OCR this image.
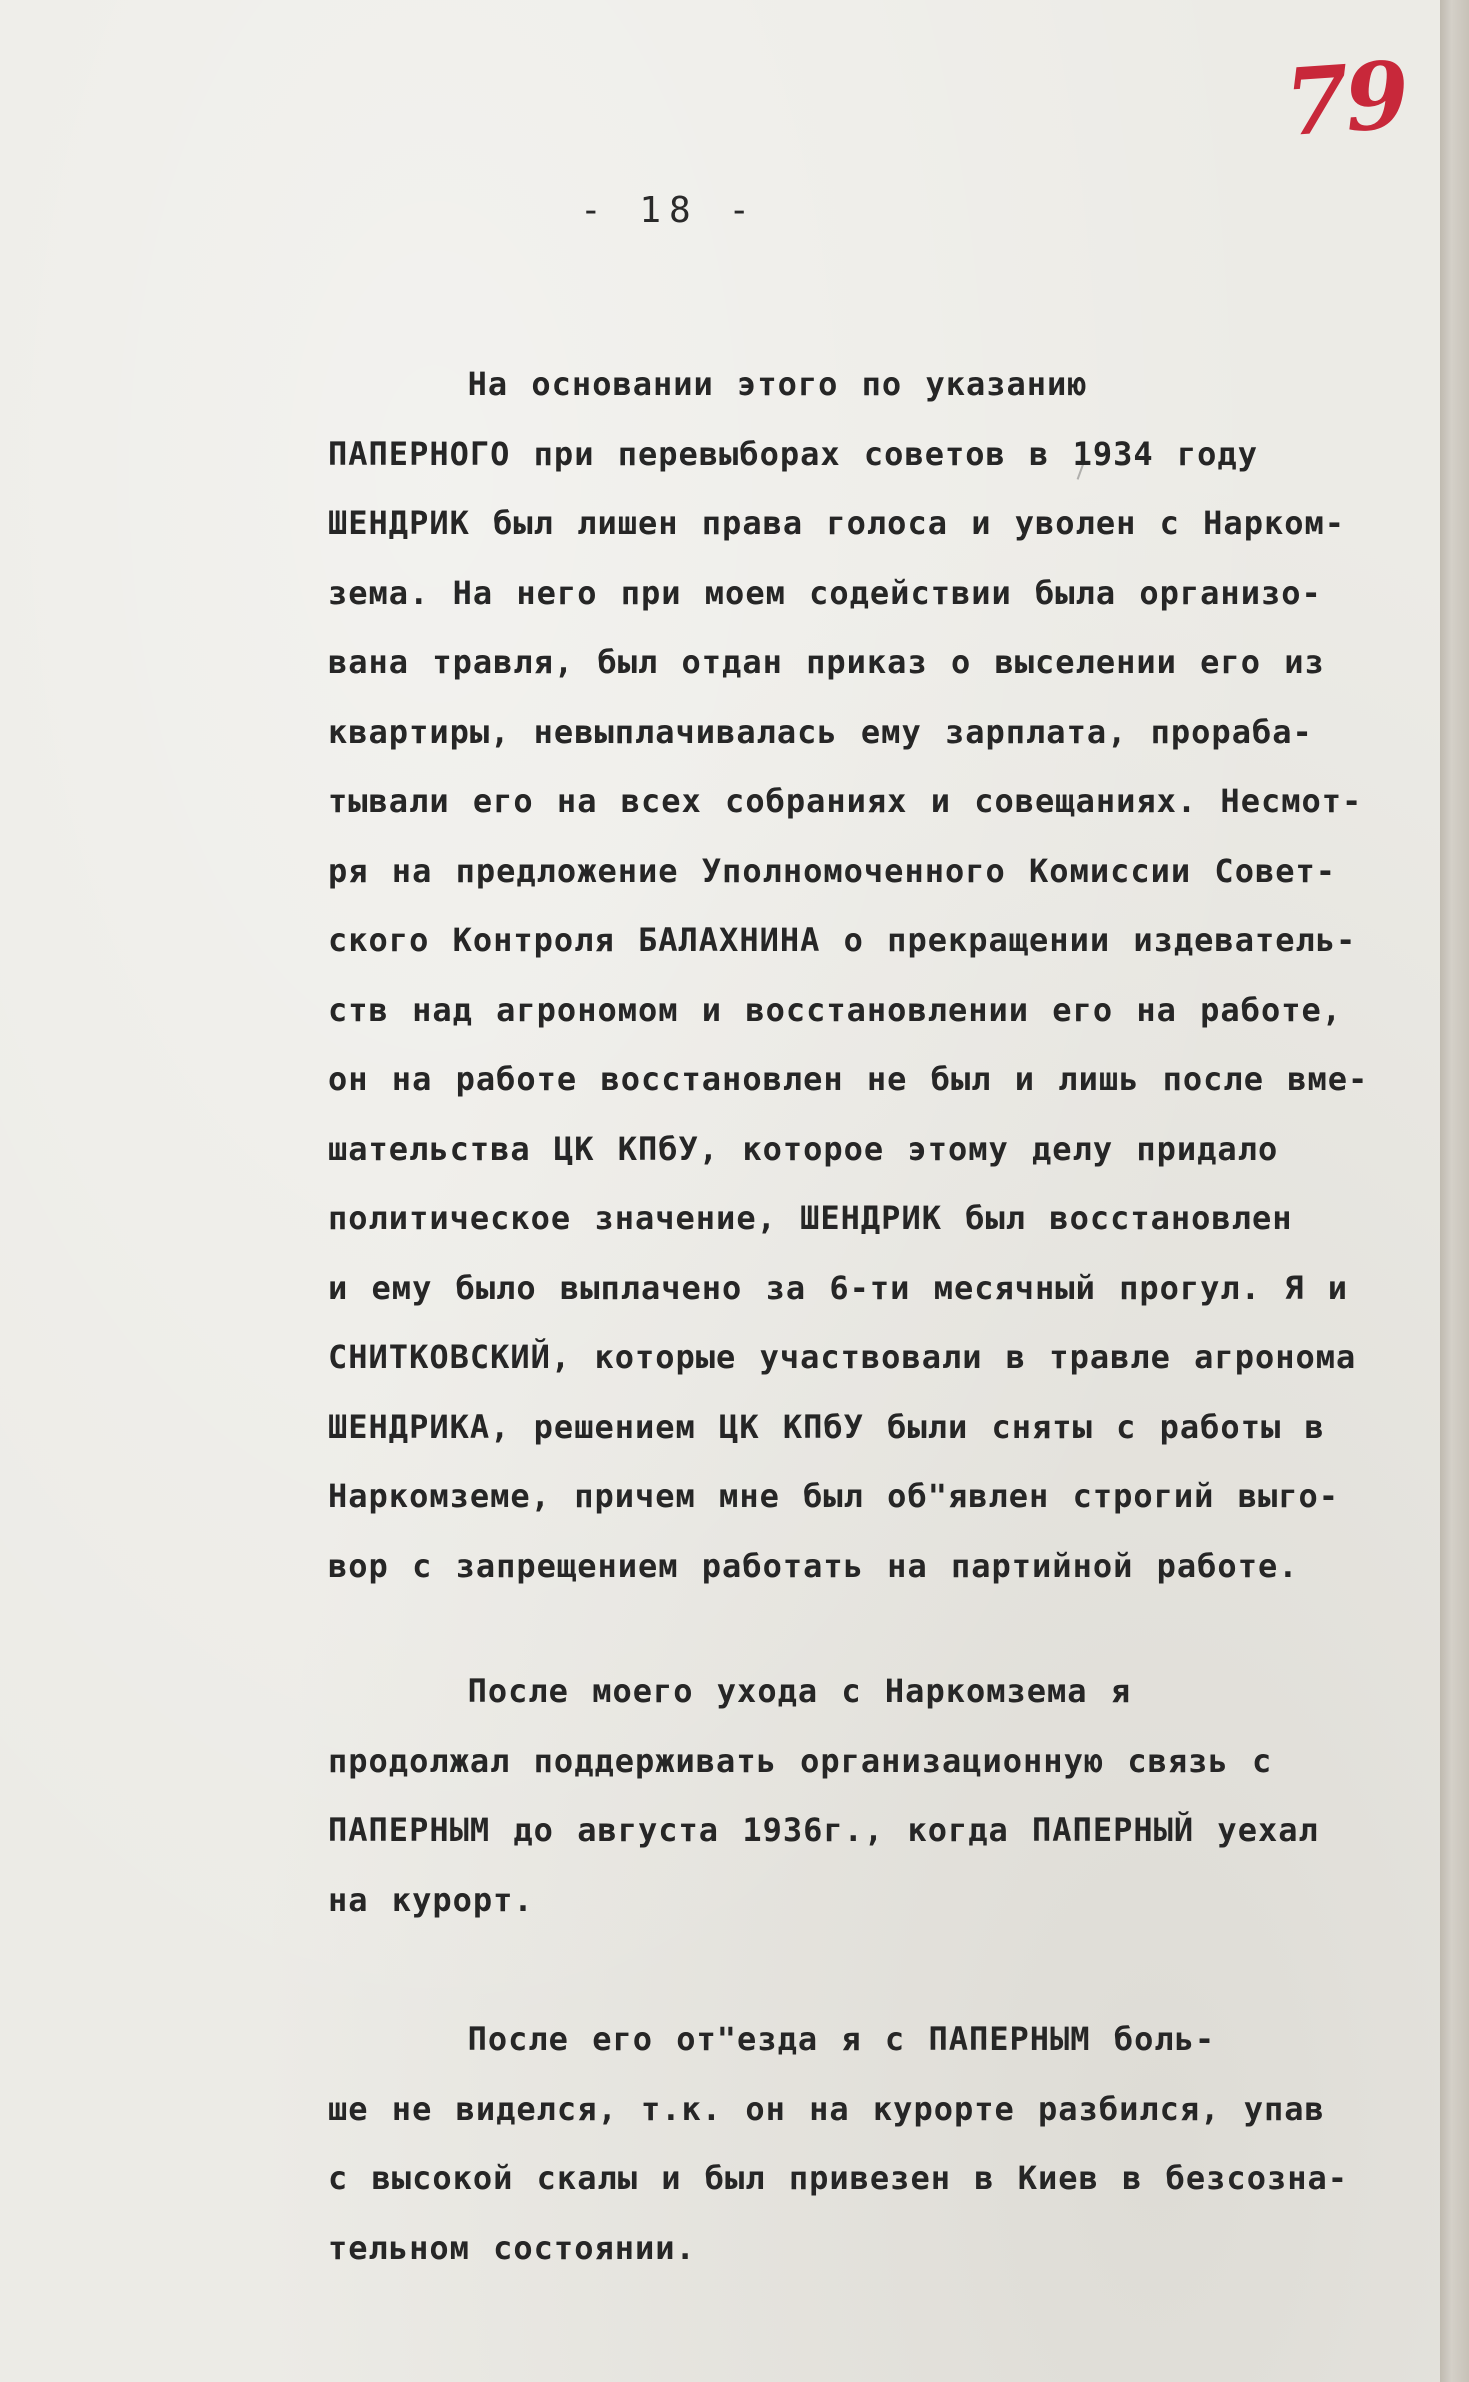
79
- 18 -
На основании этого по указанию
ПАПЕРНОГО при перевыборах советов в 1934 году
ШЕНДРИК был лишен права голоса и уволен с Нарком-
зема. На него при моем содействии была организо-
вана травля, был отдан приказ о выселении его из
квартиры, невыплачивалась ему зарплата, прораба-
тывали его на всех собраниях и совещаниях. Несмот-
ря на предложение Уполномоченного Комиссии Совет-
ского Контроля БАЛАХНИНА о прекращении издеватель-
ств над агрономом и восстановлении его на работе,
он на работе восстановлен не был и лишь после вме-
шательства ЦК КПбУ, которое этому делу придало
политическое значение, ШЕНДРИК был восстановлен
и ему было выплачено за 6-ти месячный прогул. Я и
СНИТКОВСКИЙ, которые участвовали в травле агронома
ШЕНДРИКА, решением ЦК КПбУ были сняты с работы в
Наркомземе, причем мне был об"явлен строгий выго-
вор с запрещением работать на партийной работе.
После моего ухода с Наркомзема я
продолжал поддерживать организационную связь с
ПАПЕРНЫМ до августа 1936г., когда ПАПЕРНЫЙ уехал
на курорт.
После его от"езда я с ПАПЕРНЫМ боль-
ше не виделся, т.к. он на курорте разбился, упав
с высокой скалы и был привезен в Киев в безсозна-
тельном состоянии.
